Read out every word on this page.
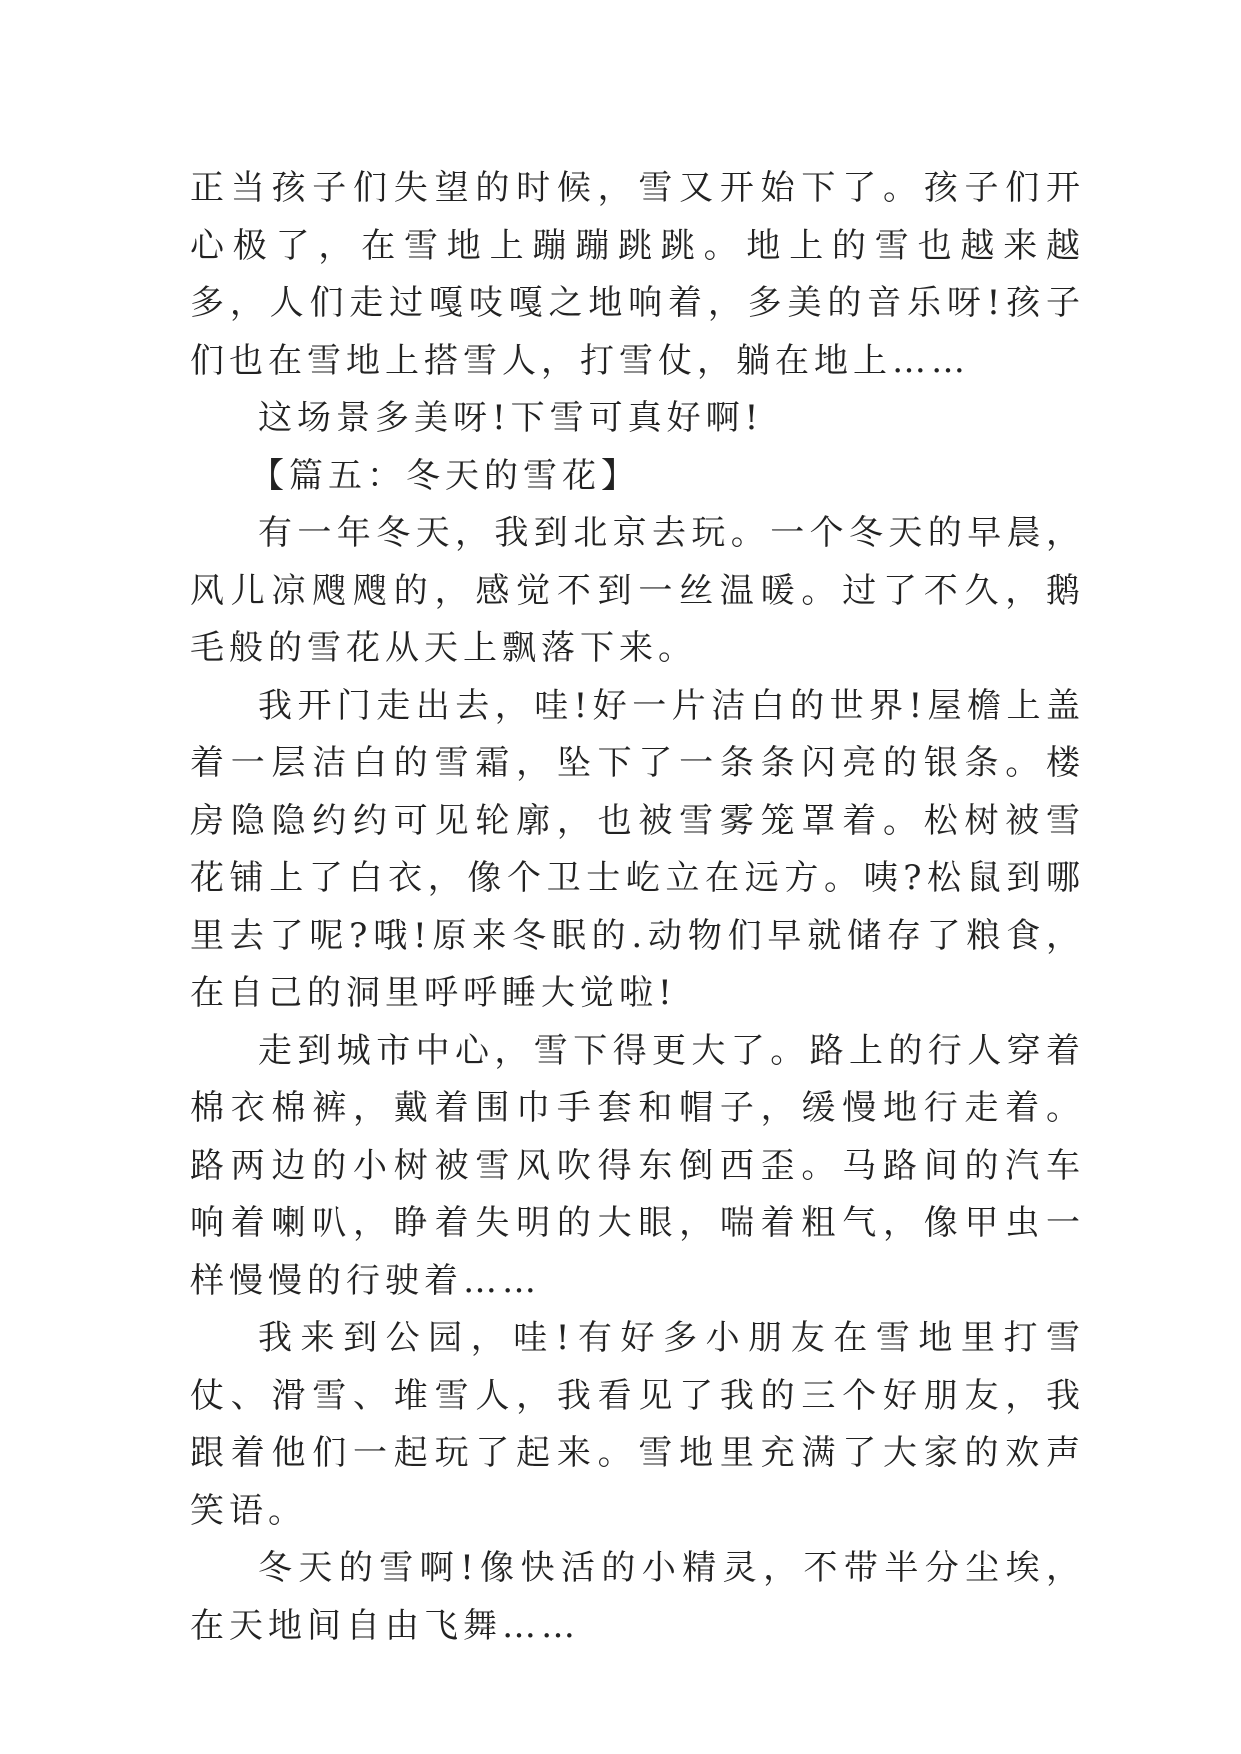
正当孩子们失望的时候，雪又开始下了。孩子们开心极了，在雪地上蹦蹦跳跳。地上的雪也越来越多，人们走过嘎吱嘎之地响着，多美的音乐呀!孩子们也在雪地上搭雪人，打雪仗，躺在地上……

这场景多美呀!下雪可真好啊!

【篇五：冬天的雪花】

有一年冬天，我到北京去玩。一个冬天的早晨，风儿凉飕飕的，感觉不到一丝温暖。过了不久，鹅毛般的雪花从天上飘落下来。

我开门走出去，哇!好一片洁白的世界!屋檐上盖着一层洁白的雪霜，坠下了一条条闪亮的银条。楼房隐隐约约可见轮廓，也被雪雾笼罩着。松树被雪花铺上了白衣，像个卫士屹立在远方。咦?松鼠到哪里去了呢?哦!原来冬眠的.动物们早就储存了粮食，在自己的洞里呼呼睡大觉啦!

走到城市中心，雪下得更大了。路上的行人穿着棉衣棉裤，戴着围巾手套和帽子，缓慢地行走着。路两边的小树被雪风吹得东倒西歪。马路间的汽车响着喇叭，睁着失明的大眼，喘着粗气，像甲虫一样慢慢的行驶着……

我来到公园，哇!有好多小朋友在雪地里打雪仗、滑雪、堆雪人，我看见了我的三个好朋友，我跟着他们一起玩了起来。雪地里充满了大家的欢声笑语。

冬天的雪啊!像快活的小精灵，不带半分尘埃，在天地间自由飞舞……
